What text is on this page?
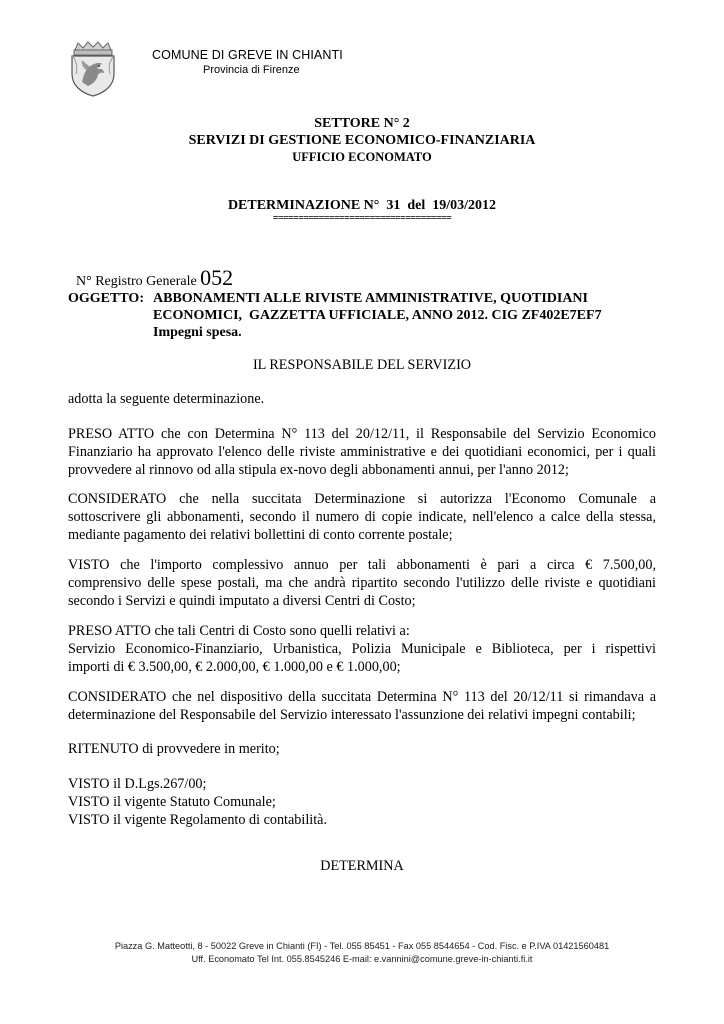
COMUNE DI GREVE IN CHIANTI
Provincia di Firenze
SETTORE N° 2
SERVIZI DI GESTIONE ECONOMICO-FINANZIARIA
UFFICIO ECONOMATO
DETERMINAZIONE N°  31  del  19/03/2012
===================================

N° Registro Generale 052

OGGETTO: ABBONAMENTI ALLE RIVISTE AMMINISTRATIVE, QUOTIDIANI
ECONOMICI,  GAZZETTA UFFICIALE, ANNO 2012. CIG ZF402E7EF7
Impegni spesa.
IL RESPONSABILE DEL SERVIZIO
adotta la seguente determinazione.
PRESO ATTO che con Determina N° 113 del 20/12/11, il Responsabile del Servizio Economico
Finanziario ha approvato l'elenco delle riviste amministrative e dei quotidiani economici, per i quali
provvedere al rinnovo od alla stipula ex-novo degli abbonamenti annui, per l'anno 2012;
CONSIDERATO che nella succitata Determinazione si autorizza l'Economo Comunale a
sottoscrivere gli abbonamenti, secondo il numero di copie indicate, nell'elenco a calce della stessa,
mediante pagamento dei relativi bollettini di conto corrente postale;
VISTO che l'importo complessivo annuo per tali abbonamenti è pari a circa € 7.500,00,
comprensivo delle spese postali, ma che andrà ripartito secondo l'utilizzo delle riviste e quotidiani
secondo i Servizi e quindi imputato a diversi Centri di Costo;
PRESO ATTO che tali Centri di Costo sono quelli relativi a:
Servizio Economico-Finanziario, Urbanistica, Polizia Municipale e Biblioteca, per i rispettivi
importi di € 3.500,00, € 2.000,00, € 1.000,00 e € 1.000,00;
CONSIDERATO che nel dispositivo della succitata Determina N° 113 del 20/12/11 si rimandava a
determinazione del Responsabile del Servizio interessato l'assunzione dei relativi impegni contabili;
RITENUTO di provvedere in merito;
VISTO il D.Lgs.267/00;
VISTO il vigente Statuto Comunale;
VISTO il vigente Regolamento di contabilità.
DETERMINA
Piazza G. Matteotti, 8 - 50022 Greve in Chianti (FI) - Tel. 055 85451 - Fax 055 8544654 - Cod. Fisc. e P.IVA 01421560481
Uff. Economato Tel Int. 055.8545246 E-mail: e.vannini@comune.greve-in-chianti.fi.it
